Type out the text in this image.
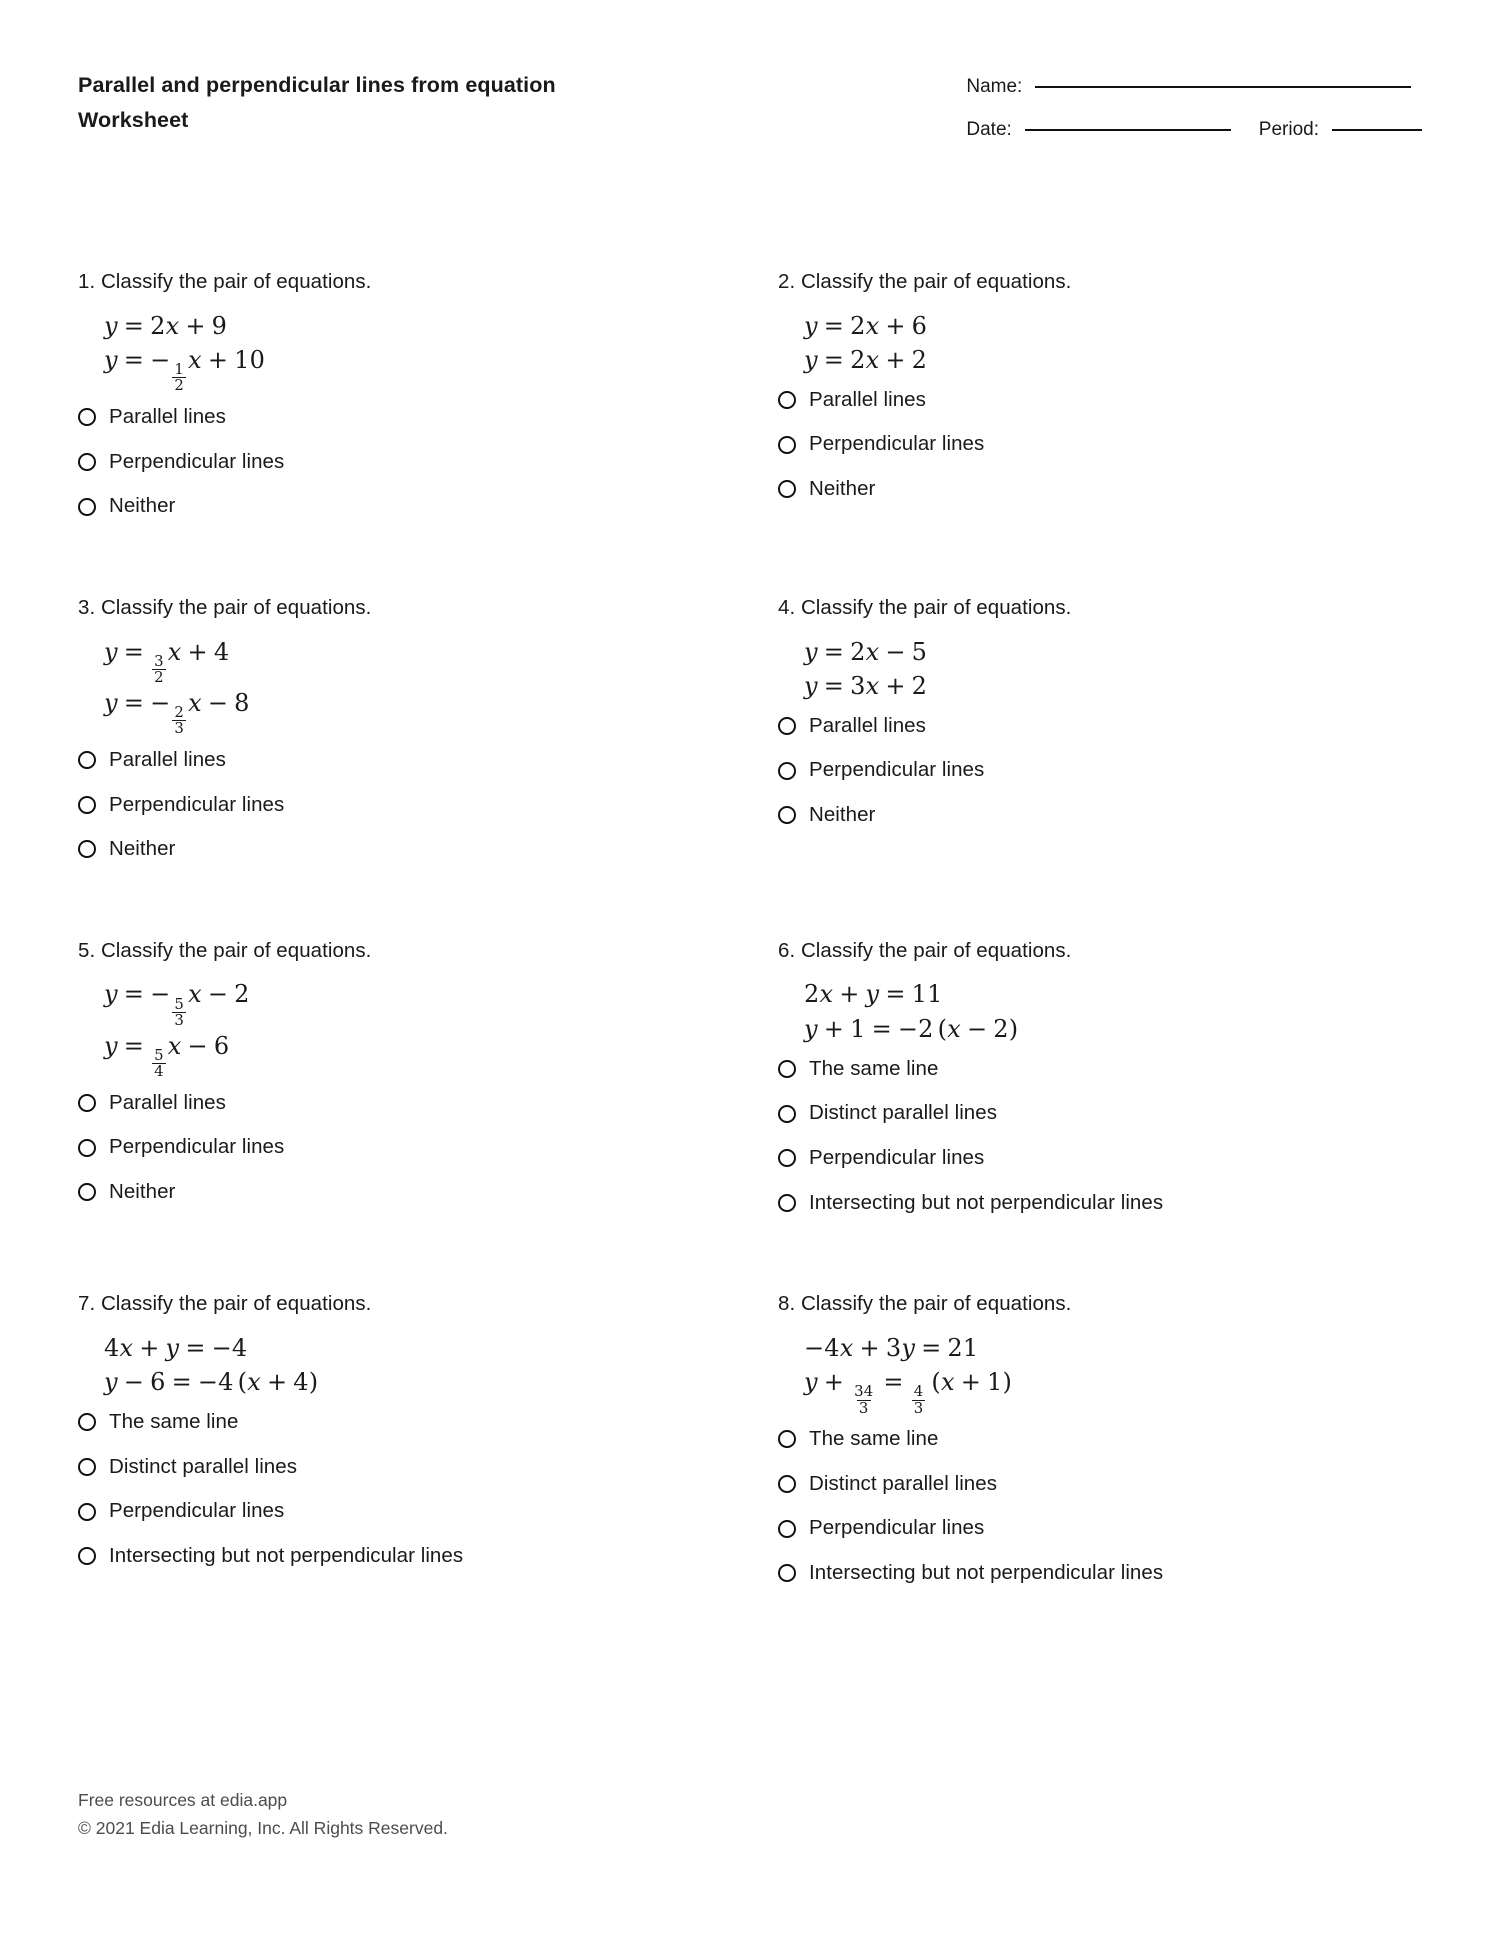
Parallel and perpendicular lines from equation
Worksheet
Name:
Date:	Period:

1. Classify the pair of equations.

y = 2x + 9
y = −
$\frac{1}{2}$
x + 10
Parallel lines
Perpendicular lines
Neither

2. Classify the pair of equations.

y = 2x + 6
y = 2x + 2
Parallel lines
Perpendicular lines
Neither

3. Classify the pair of equations.

y =
$\frac{3}{2}$
x + 4
y = −
$\frac{2}{3}$
x − 8
Parallel lines
Perpendicular lines
Neither

4. Classify the pair of equations.

y = 2x − 5
y = 3x + 2
Parallel lines
Perpendicular lines
Neither

5. Classify the pair of equations.

y = −
$\frac{5}{3}$
x − 2
y =
$\frac{5}{4}$
x − 6
Parallel lines
Perpendicular lines
Neither

6. Classify the pair of equations.

2x + y = 11
y + 1 = −2 (x − 2)
The same line
Distinct parallel lines
Perpendicular lines
Intersecting but not perpendicular lines

7. Classify the pair of equations.

4x + y = −4
y − 6 = −4 (x + 4)
The same line
Distinct parallel lines
Perpendicular lines
Intersecting but not perpendicular lines

8. Classify the pair of equations.

−4x + 3y = 21
y +
$\frac{34}{3}$
=
$\frac{4}{3}$
(x + 1)
The same line
Distinct parallel lines
Perpendicular lines
Intersecting but not perpendicular lines
Free resources at edia.app
© 2021 Edia Learning, Inc. All Rights Reserved.
